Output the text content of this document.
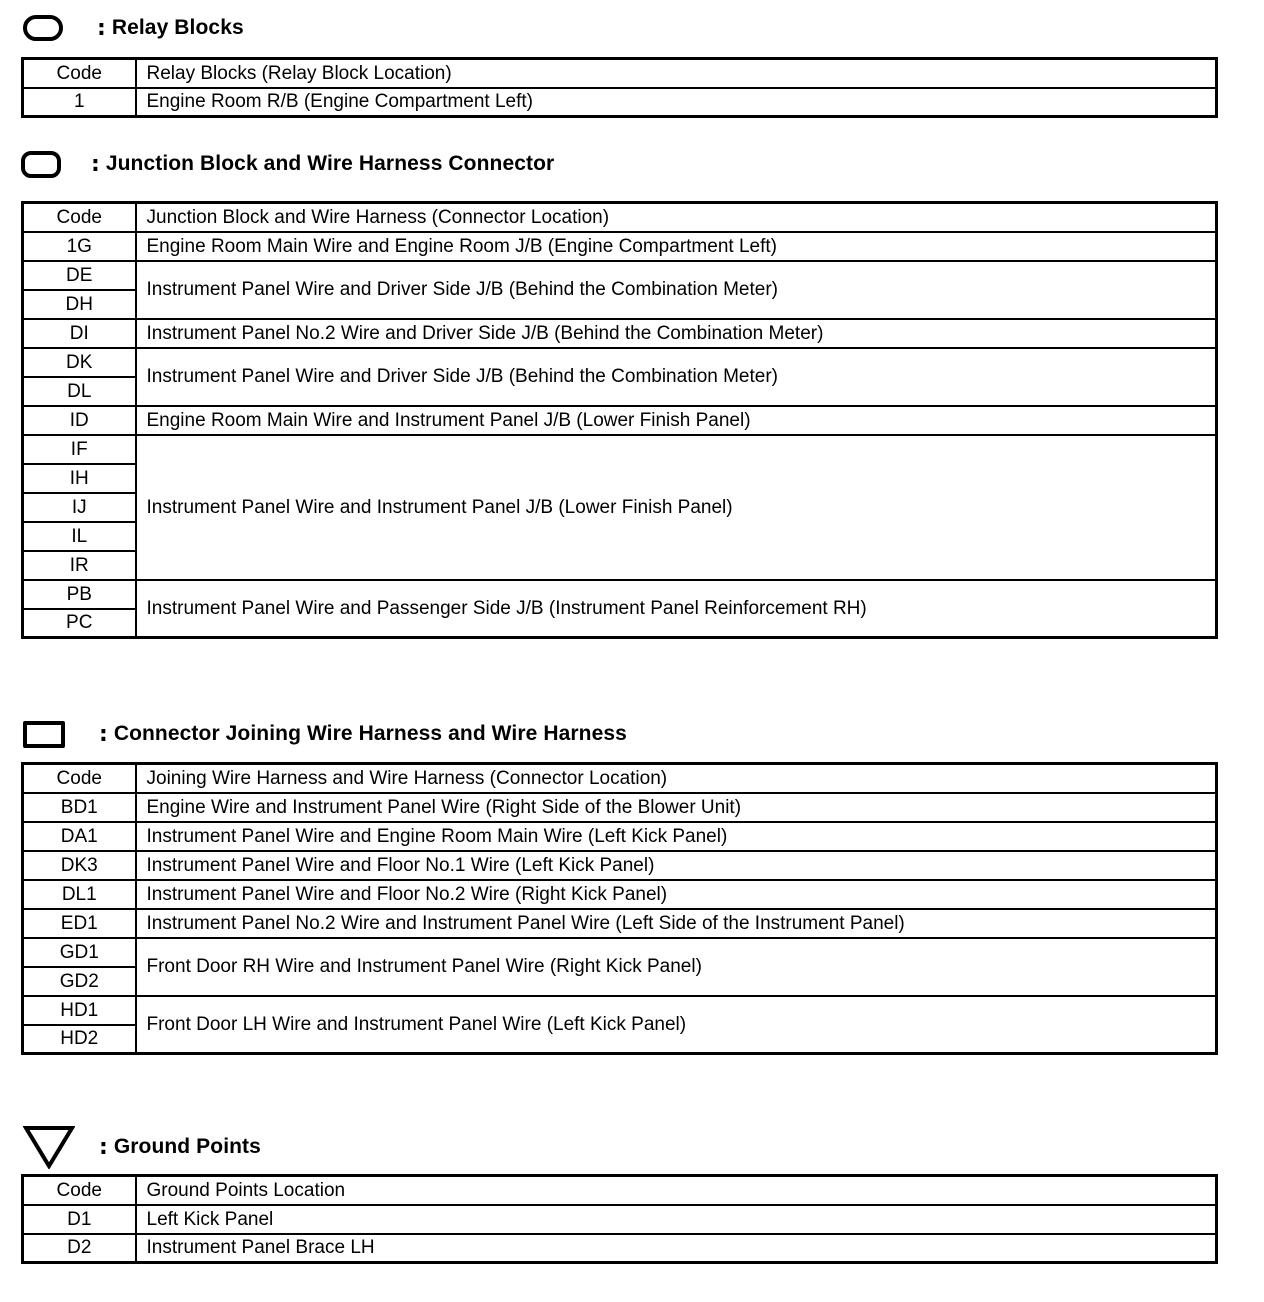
: Relay Blocks
Code	Relay Blocks (Relay Block Location)
1	Engine Room R/B (Engine Compartment Left)
: Junction Block and Wire Harness Connector
Code	Junction Block and Wire Harness (Connector Location)
1G	Engine Room Main Wire and Engine Room J/B (Engine Compartment Left)
DE	Instrument Panel Wire and Driver Side J/B (Behind the Combination Meter)
DH	
DI	Instrument Panel No.2 Wire and Driver Side J/B (Behind the Combination Meter)
DK	Instrument Panel Wire and Driver Side J/B (Behind the Combination Meter)
DL	
ID	Engine Room Main Wire and Instrument Panel J/B (Lower Finish Panel)
IF	Instrument Panel Wire and Instrument Panel J/B (Lower Finish Panel)
IH	
IJ	
IL	
IR	
PB	Instrument Panel Wire and Passenger Side J/B (Instrument Panel Reinforcement RH)
PC	
: Connector Joining Wire Harness and Wire Harness
Code	Joining Wire Harness and Wire Harness (Connector Location)
BD1	Engine Wire and Instrument Panel Wire (Right Side of the Blower Unit)
DA1	Instrument Panel Wire and Engine Room Main Wire (Left Kick Panel)
DK3	Instrument Panel Wire and Floor No.1 Wire (Left Kick Panel)
DL1	Instrument Panel Wire and Floor No.2 Wire (Right Kick Panel)
ED1	Instrument Panel No.2 Wire and Instrument Panel Wire (Left Side of the Instrument Panel)
GD1	Front Door RH Wire and Instrument Panel Wire (Right Kick Panel)
GD2	
HD1	Front Door LH Wire and Instrument Panel Wire (Left Kick Panel)
HD2	
: Ground Points
Code	Ground Points Location
D1	Left Kick Panel
D2	Instrument Panel Brace LH
